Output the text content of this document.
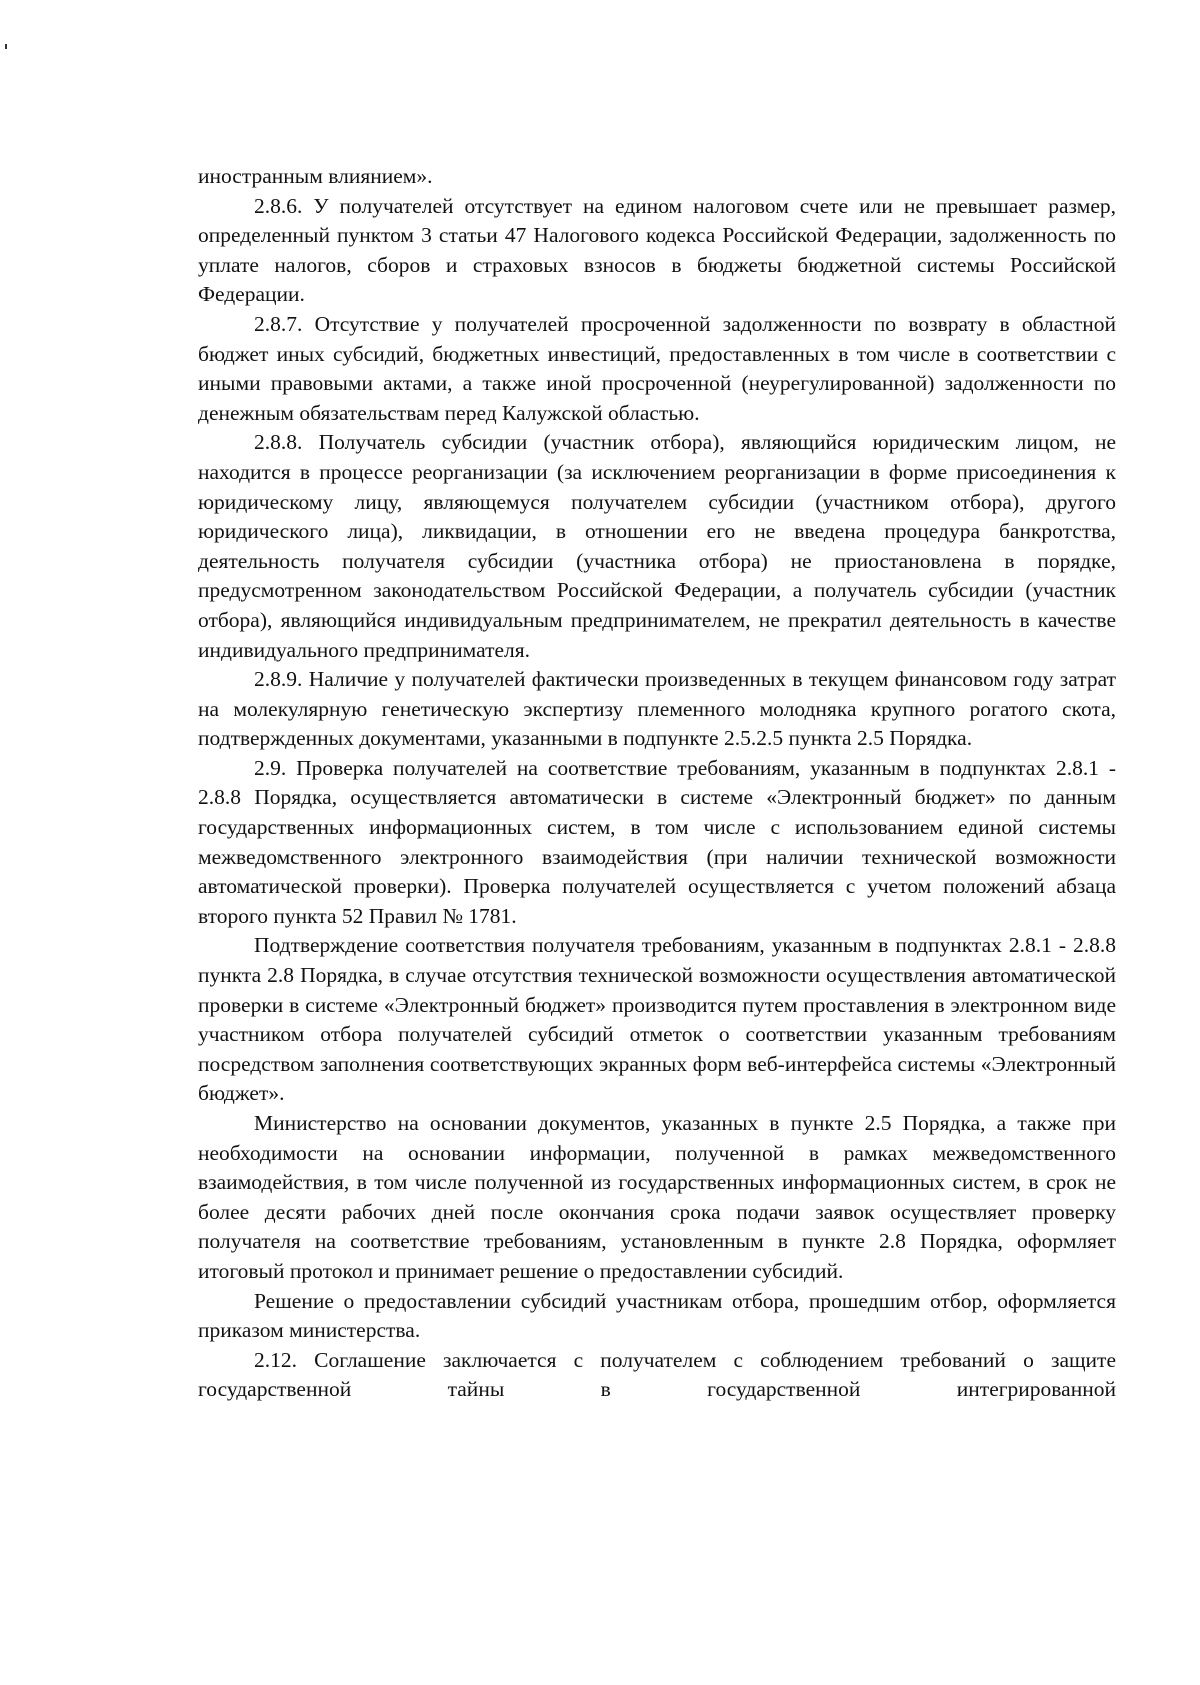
иностранным влиянием».

2.8.6. У получателей отсутствует на едином налоговом счете или не превышает размер, определенный пунктом 3 статьи 47 Налогового кодекса Российской Федерации, задолженность по уплате налогов, сборов и страховых взносов в бюджеты бюджетной системы Российской Федерации.

2.8.7. Отсутствие у получателей просроченной задолженности по возврату в областной бюджет иных субсидий, бюджетных инвестиций, предоставленных в том числе в соответствии с иными правовыми актами, а также иной просроченной (неурегулированной) задолженности по денежным обязательствам перед Калужской областью.

2.8.8. Получатель субсидии (участник отбора), являющийся юридическим лицом, не находится в процессе реорганизации (за исключением реорганизации в форме присоединения к юридическому лицу, являющемуся получателем субсидии (участником отбора), другого юридического лица), ликвидации, в отношении его не введена процедура банкротства, деятельность получателя субсидии (участника отбора) не приостановлена в порядке, предусмотренном законодательством Российской Федерации, а получатель субсидии (участник отбора), являющийся индивидуальным предпринимателем, не прекратил деятельность в качестве индивидуального предпринимателя.

2.8.9. Наличие у получателей фактически произведенных в текущем финансовом году затрат на молекулярную генетическую экспертизу племенного молодняка крупного рогатого скота, подтвержденных документами, указанными в подпункте 2.5.2.5 пункта 2.5 Порядка.

2.9. Проверка получателей на соответствие требованиям, указанным в подпунктах 2.8.1 - 2.8.8 Порядка, осуществляется автоматически в системе «Электронный бюджет» по данным государственных информационных систем, в том числе с использованием единой системы межведомственного электронного взаимодействия (при наличии технической возможности автоматической проверки). Проверка получателей осуществляется с учетом положений абзаца второго пункта 52 Правил № 1781.

Подтверждение соответствия получателя требованиям, указанным в подпунктах 2.8.1 - 2.8.8 пункта 2.8 Порядка, в случае отсутствия технической возможности осуществления автоматической проверки в системе «Электронный бюджет» производится путем проставления в электронном виде участником отбора получателей субсидий отметок о соответствии указанным требованиям посредством заполнения соответствующих экранных форм веб-интерфейса системы «Электронный бюджет».

Министерство на основании документов, указанных в пункте 2.5 Порядка, а также при необходимости на основании информации, полученной в рамках межведомственного взаимодействия, в том числе полученной из государственных информационных систем, в срок не более десяти рабочих дней после окончания срока подачи заявок осуществляет проверку получателя на соответствие требованиям, установленным в пункте 2.8 Порядка, оформляет итоговый протокол и принимает решение о предоставлении субсидий.

Решение о предоставлении субсидий участникам отбора, прошедшим отбор, оформляется приказом министерства.

2.12. Соглашение заключается с получателем с соблюдением требований о защите государственной тайны в государственной интегрированной
